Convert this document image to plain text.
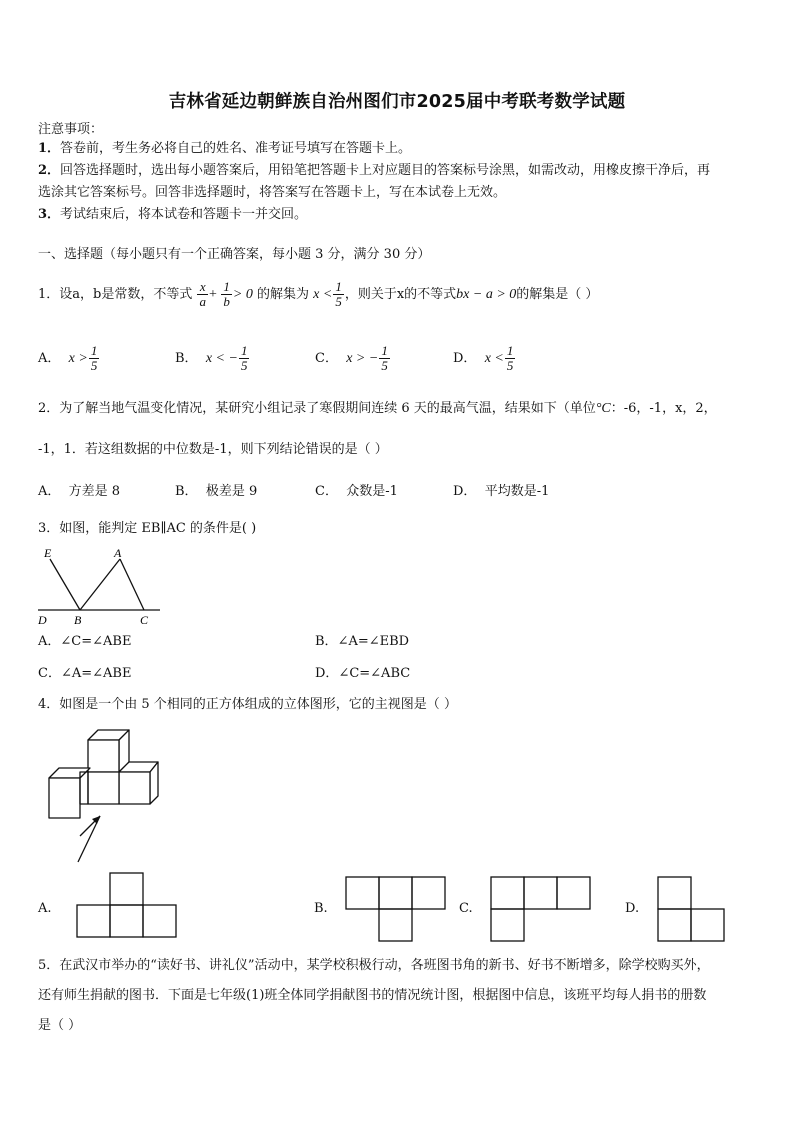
吉林省延边朝鲜族自治州图们市2025届中考联考数学试题
注意事项：
1．答卷前，考生务必将自己的姓名、准考证号填写在答题卡上。
2．回答选择题时，选出每小题答案后，用铅笔把答题卡上对应题目的答案标号涂黑，如需改动，用橡皮擦干净后，再
选涂其它答案标号。回答非选择题时，将答案写在答题卡上，写在本试卷上无效。
3．考试结束后，将本试卷和答题卡一并交回。
一、选择题（每小题只有一个正确答案，每小题 3 分，满分 30 分）
1．设a，b是常数，不等式 $\frac{x}{a} + \frac{1}{b} > 0$ 的解集为 $x < \frac{1}{5}$ ，则关于x的不等式bx − a > 0的解集是（ ）
A． $x > \frac{1}{5}$	B． x < − $\frac{1}{5}$	C． x > − $\frac{1}{5}$	D． $x < \frac{1}{5}$
2．为了解当地气温变化情况，某研究小组记录了寒假期间连续 6 天的最高气温，结果如下（单位°C：-6，-1，x，2，
-1，1．若这组数据的中位数是-1，则下列结论错误的是（ ）
A． 方差是 8	B． 极差是 9	C． 众数是-1	D． 平均数是-1
3．如图，能判定 EB∥AC 的条件是( )
E	A
D B	C
A．∠C=∠ABE	B．∠A=∠EBD
C．∠A=∠ABE	D．∠C=∠ABC
4．如图是一个由 5 个相同的正方体组成的立体图形，它的主视图是（ ）
A.	B.	C.	D.
5．在武汉市举办的“读好书、讲礼仪”活动中，某学校积极行动，各班图书角的新书、好书不断增多，除学校购买外，
还有师生捐献的图书．下面是七年级(1)班全体同学捐献图书的情况统计图，根据图中信息，该班平均每人捐书的册数
是（ ）
